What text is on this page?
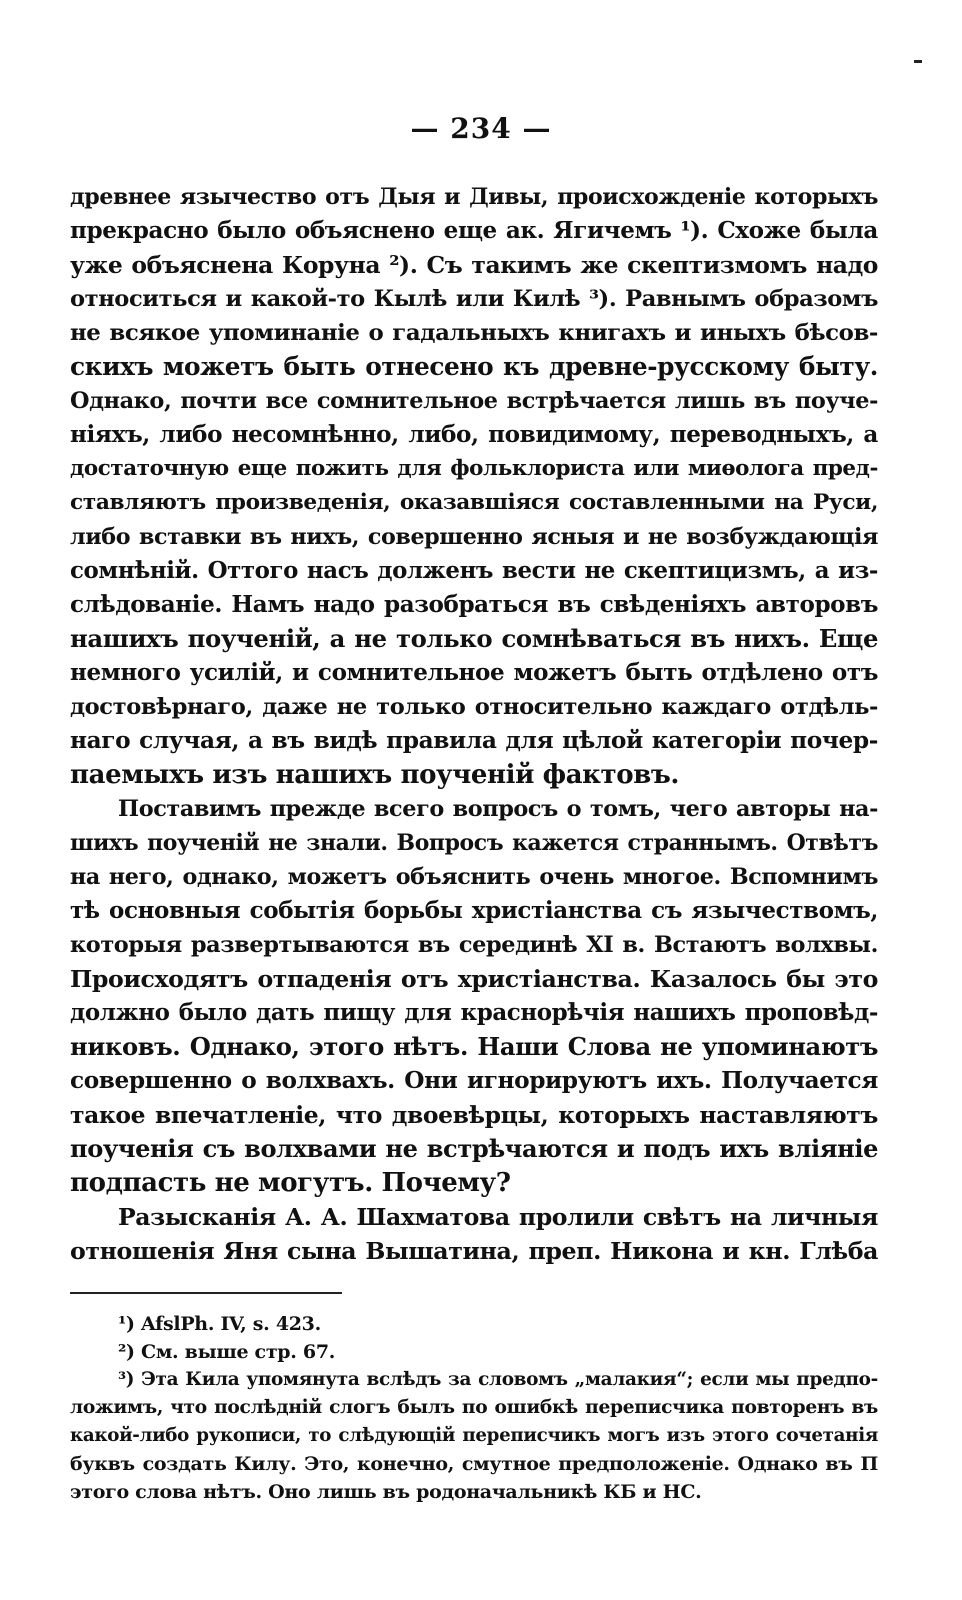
— 234 —
древнее язычество отъ Дыя и Дивы, происхожденіе которыхъ
прекрасно было объяснено еще ак. Ягичемъ ¹). Схоже была
уже объяснена Коруна ²). Съ такимъ же скептизмомъ надо
относиться и какой-то Кылѣ или Килѣ ³). Равнымъ образомъ
не всякое упоминаніе о гадальныхъ книгахъ и иныхъ бѣсов-
скихъ можетъ быть отнесено къ древне-русскому быту.
Однако, почти все сомнительное встрѣчается лишь въ поуче-
ніяхъ, либо несомнѣнно, либо, повидимому, переводныхъ, а
достаточную еще пожить для фольклориста или миѳолога пред-
ставляютъ произведенія, оказавшіяся составленными на Руси,
либо вставки въ нихъ, совершенно ясныя и не возбуждающія
сомнѣній. Оттого насъ долженъ вести не скептицизмъ, а из-
слѣдованіе. Намъ надо разобраться въ свѣденіяхъ авторовъ
нашихъ поученій, а не только сомнѣваться въ нихъ. Еще
немного усилій, и сомнительное можетъ быть отдѣлено отъ
достовѣрнаго, даже не только относительно каждаго отдѣль-
наго случая, а въ видѣ правила для цѣлой категоріи почер-
паемыхъ изъ нашихъ поученій фактовъ.
Поставимъ прежде всего вопросъ о томъ, чего авторы на-
шихъ поученій не знали. Вопросъ кажется страннымъ. Отвѣтъ
на него, однако, можетъ объяснить очень многое. Вспомнимъ
тѣ основныя событія борьбы христіанства съ язычествомъ,
которыя развертываются въ серединѣ XI в. Встаютъ волхвы.
Происходятъ отпаденія отъ христіанства. Казалось бы это
должно было дать пищу для краснорѣчія нашихъ проповѣд-
никовъ. Однако, этого нѣтъ. Наши Слова не упоминаютъ
совершенно о волхвахъ. Они игнорируютъ ихъ. Получается
такое впечатленіе, что двоевѣрцы, которыхъ наставляютъ
поученія съ волхвами не встрѣчаются и подъ ихъ вліяніе
подпасть не могутъ. Почему?
Разысканія А. А. Шахматова пролили свѣтъ на личныя
отношенія Яня сына Вышатина, преп. Никона и кн. Глѣба
¹) AfslPh. IV, s. 423.
²) См. выше стр. 67.
³) Эта Кила упомянута вслѣдъ за словомъ „малакия“; если мы предпо-
ложимъ, что послѣдній слогъ былъ по ошибкѣ переписчика повторенъ въ
какой-либо рукописи, то слѣдующій переписчикъ могъ изъ этого сочетанія
буквъ создать Килу. Это, конечно, смутное предположеніе. Однако въ П
этого слова нѣтъ. Оно лишь въ родоначальникѣ КБ и НС.
